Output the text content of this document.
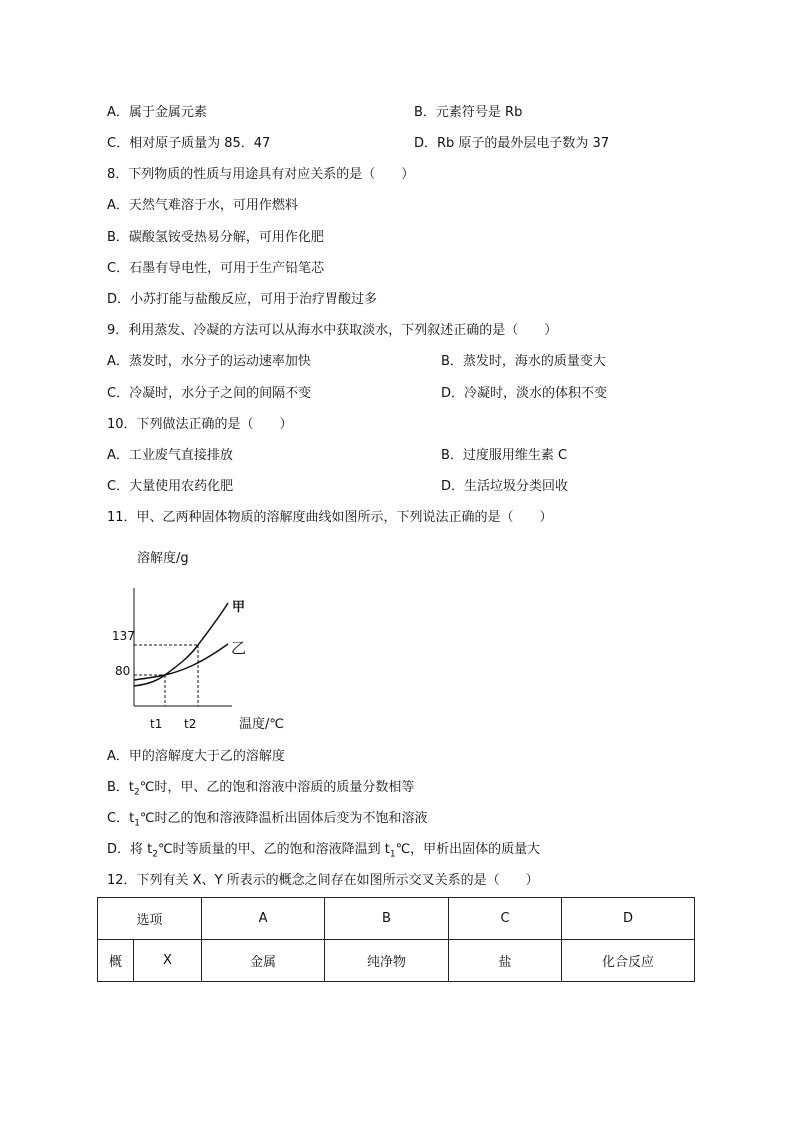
A．属于金属元素	B．元素符号是 Rb
C．相对原子质量为 85．47	D．Rb 原子的最外层电子数为 37
8．下列物质的性质与用途具有对应关系的是（　　）
A．天然气难溶于水，可用作燃料
B．碳酸氢铵受热易分解，可用作化肥
C．石墨有导电性，可用于生产铅笔芯
D．小苏打能与盐酸反应，可用于治疗胃酸过多
9．利用蒸发、冷凝的方法可以从海水中获取淡水，下列叙述正确的是（　　）
A．蒸发时，水分子的运动速率加快	B．蒸发时，海水的质量变大
C．冷凝时，水分子之间的间隔不变	D．冷凝时，淡水的体积不变
10．下列做法正确的是（　　）
A．工业废气直接排放	B．过度服用维生素 C
C．大量使用农药化肥	D．生活垃圾分类回收
11．甲、乙两种固体物质的溶解度曲线如图所示，下列说法正确的是（　　）
溶解度/g
甲
乙
137
80
t1 t2	温度/℃
A．甲的溶解度大于乙的溶解度
B．$t_2℃$时，甲、乙的饱和溶液中溶质的质量分数相等
C．$t_1℃$时乙的饱和溶液降温析出固体后变为不饱和溶液
D．将 $t_2℃$时等质量的甲、乙的饱和溶液降温到 $t_1℃$，甲析出固体的质量大
12．下列有关 X、Y 所表示的概念之间存在如图所示交叉关系的是（　　）
选项		A	B	C	D
概	X	金属	纯净物	盐	化合反应
